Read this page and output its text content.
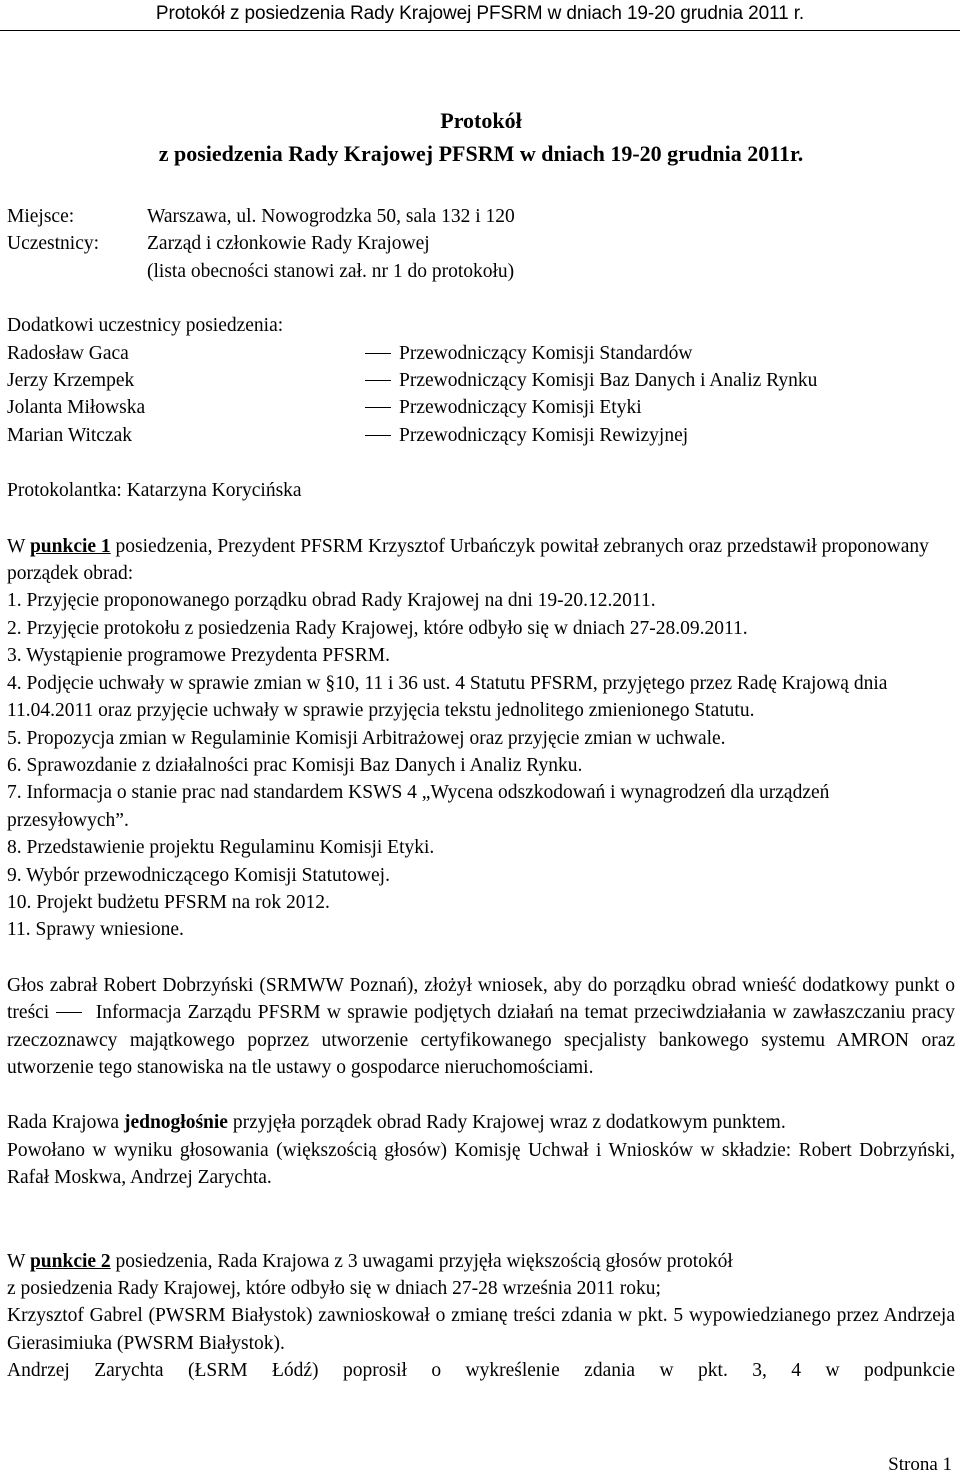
Protokół z posiedzenia Rady Krajowej PFSRM w dniach 19-20 grudnia 2011 r.
Protokół
z posiedzenia Rady Krajowej PFSRM w dniach 19-20 grudnia 2011r.
Miejsce:	Warszawa, ul. Nowogrodzka 50, sala 132 i 120
Uczestnicy:	Zarząd i członkowie Rady Krajowej
(lista obecności stanowi zał. nr 1 do protokołu)

Dodatkowi uczestnicy posiedzenia:

Radosław Gaca	Przewodniczący Komisji Standardów
Jerzy Krzempek	Przewodniczący Komisji Baz Danych i Analiz Rynku
Jolanta Miłowska	Przewodniczący Komisji Etyki
Marian Witczak	Przewodniczący Komisji Rewizyjnej

Protokolantka: Katarzyna Korycińska

W punkcie 1 posiedzenia, Prezydent PFSRM Krzysztof Urbańczyk powitał zebranych oraz przedstawił proponowany porządek obrad:

1. Przyjęcie proponowanego porządku obrad Rady Krajowej na dni 19-20.12.2011.

2. Przyjęcie protokołu z posiedzenia Rady Krajowej, które odbyło się w dniach 27-28.09.2011.

3. Wystąpienie programowe Prezydenta PFSRM.

4. Podjęcie uchwały w sprawie zmian w §10, 11 i 36 ust. 4 Statutu PFSRM, przyjętego przez Radę Krajową dnia 11.04.2011 oraz przyjęcie uchwały w sprawie przyjęcia tekstu jednolitego zmienionego Statutu.

5. Propozycja zmian w Regulaminie Komisji Arbitrażowej oraz przyjęcie zmian w uchwale.

6. Sprawozdanie z działalności prac Komisji Baz Danych i Analiz Rynku.

7. Informacja o stanie prac nad standardem KSWS 4 „Wycena odszkodowań i wynagrodzeń dla urządzeń przesyłowych”.

8. Przedstawienie projektu Regulaminu Komisji Etyki.

9. Wybór przewodniczącego Komisji Statutowej.

10. Projekt budżetu PFSRM na rok 2012.

11. Sprawy wniesione.

Głos zabrał Robert Dobrzyński (SRMWW Poznań), złożył wniosek, aby do porządku obrad wnieść dodatkowy punkt o treści  Informacja Zarządu PFSRM w sprawie podjętych działań na temat przeciwdziałania w zawłaszczaniu pracy rzeczoznawcy majątkowego poprzez utworzenie certyfikowanego specjalisty bankowego systemu AMRON oraz utworzenie tego stanowiska na tle ustawy o gospodarce nieruchomościami.

Rada Krajowa jednogłośnie przyjęła porządek obrad Rady Krajowej wraz z dodatkowym punktem.

Powołano w wyniku głosowania (większością głosów) Komisję Uchwał i Wniosków w składzie: Robert Dobrzyński, Rafał Moskwa, Andrzej Zarychta.

W punkcie 2 posiedzenia, Rada Krajowa z 3 uwagami przyjęła większością głosów protokół

z posiedzenia Rady Krajowej, które odbyło się w dniach 27-28 września 2011 roku;

Krzysztof Gabrel (PWSRM Białystok) zawnioskował o zmianę treści zdania w pkt. 5 wypowiedzianego przez Andrzeja Gierasimiuka (PWSRM Białystok).

Andrzej Zarychta (ŁSRM Łódź) poprosił o wykreślenie zdania w pkt. 3, 4 w podpunkcie

Strona 1
